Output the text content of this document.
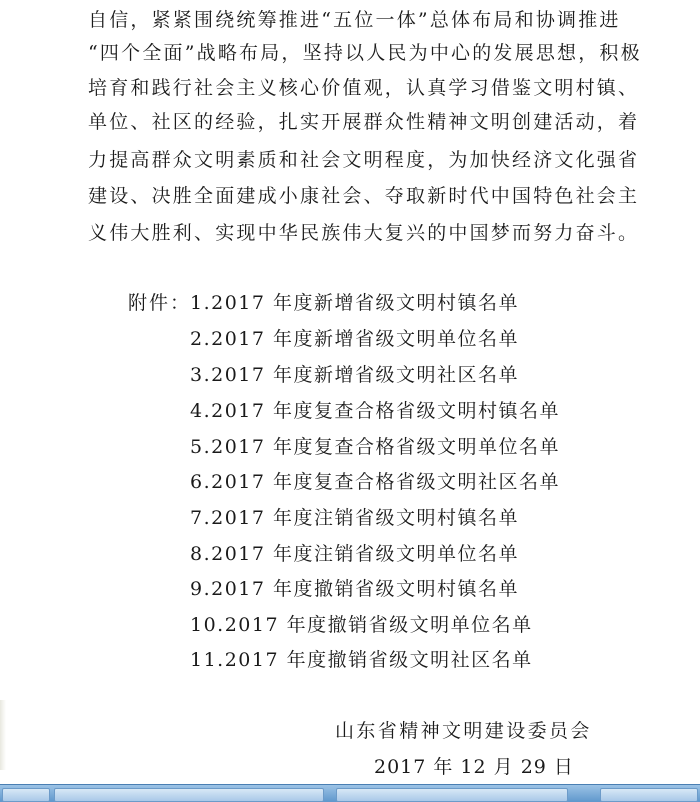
自信，紧紧围绕统筹推进“五位一体”总体布局和协调推进
“四个全面”战略布局，坚持以人民为中心的发展思想，积极
培育和践行社会主义核心价值观，认真学习借鉴文明村镇、
单位、社区的经验，扎实开展群众性精神文明创建活动，着
力提高群众文明素质和社会文明程度，为加快经济文化强省
建设、决胜全面建成小康社会、夺取新时代中国特色社会主
义伟大胜利、实现中华民族伟大复兴的中国梦而努力奋斗。
附件：
1.2017 年度新增省级文明村镇名单
2.2017 年度新增省级文明单位名单
3.2017 年度新增省级文明社区名单
4.2017 年度复查合格省级文明村镇名单
5.2017 年度复查合格省级文明单位名单
6.2017 年度复查合格省级文明社区名单
7.2017 年度注销省级文明村镇名单
8.2017 年度注销省级文明单位名单
9.2017 年度撤销省级文明村镇名单
10.2017 年度撤销省级文明单位名单
11.2017 年度撤销省级文明社区名单
山东省精神文明建设委员会
2017 年 12 月 29 日
